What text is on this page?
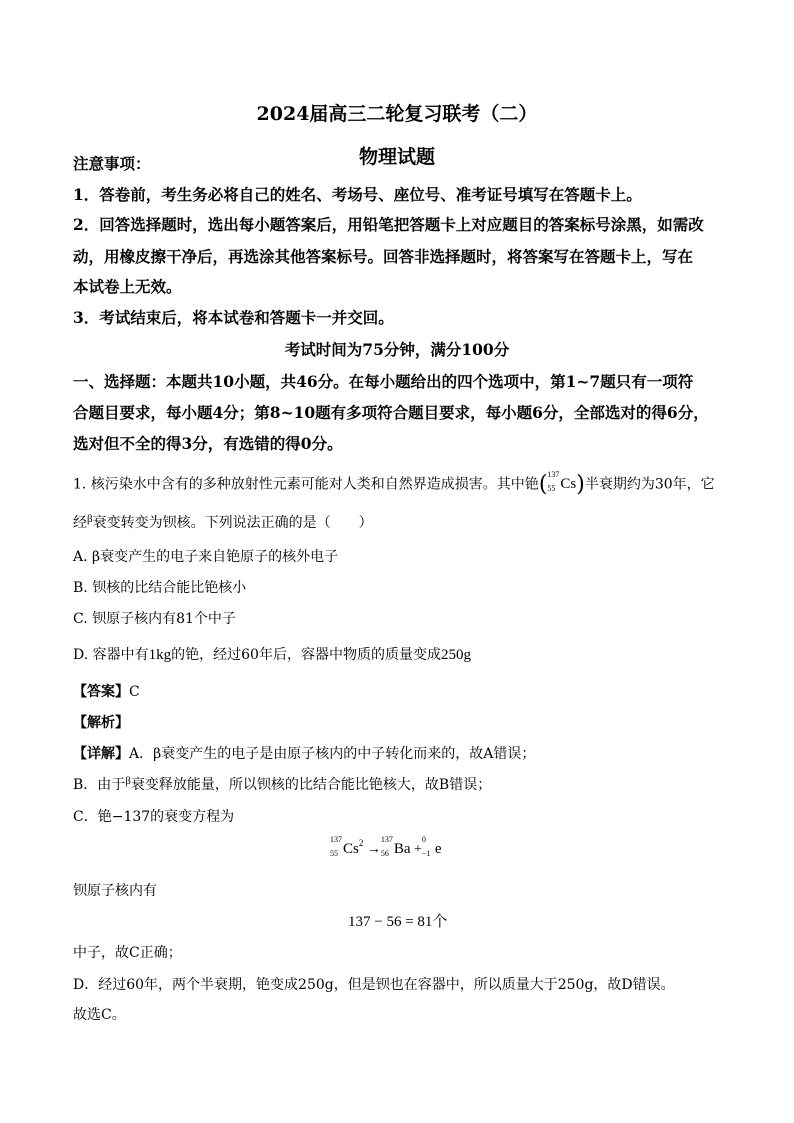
2024届高三二轮复习联考（二）
物理试题
注意事项：
1．答卷前，考生务必将自己的姓名、考场号、座位号、准考证号填写在答题卡上。
2．回答选择题时，选出每小题答案后，用铅笔把答题卡上对应题目的答案标号涂黑，如需改
动，用橡皮擦干净后，再选涂其他答案标号。回答非选择题时，将答案写在答题卡上，写在
本试卷上无效。
3．考试结束后，将本试卷和答题卡一并交回。
考试时间为75分钟，满分100分
一、选择题：本题共10小题，共46分。在每小题给出的四个选项中，第1~7题只有一项符
合题目要求，每小题4分；第8~10题有多项符合题目要求，每小题6分，全部选对的得6分，
选对但不全的得3分，有选错的得0分。
1. 核污染水中含有的多种放射性元素可能对人类和自然界造成损害。其中铯( 137
55 Cs)半衰期约为30年，它
经$^\beta$衰变转变为钡核。下列说法正确的是（　　）
A. β衰变产生的电子来自铯原子的核外电子
B. 钡核的比结合能比铯核小
C. 钡原子核内有81个中子
D. 容器中有1kg的铯，经过60年后，容器中物质的质量变成250g
【答案】C
【解析】
【详解】A．β衰变产生的电子是由原子核内的中子转化而来的，故A错误；
B．由于$^\beta$衰变释放能量，所以钡核的比结合能比铯核大，故B错误；
C．铯−137的衰变方程为
137
55 $Cs^2$ →
137
56 Ba +
0
−1 e
钡原子核内有
137 − 56 = 81个
中子，故C正确；
D．经过60年，两个半衰期，铯变成250g，但是钡也在容器中，所以质量大于250g，故D错误。
故选C。
